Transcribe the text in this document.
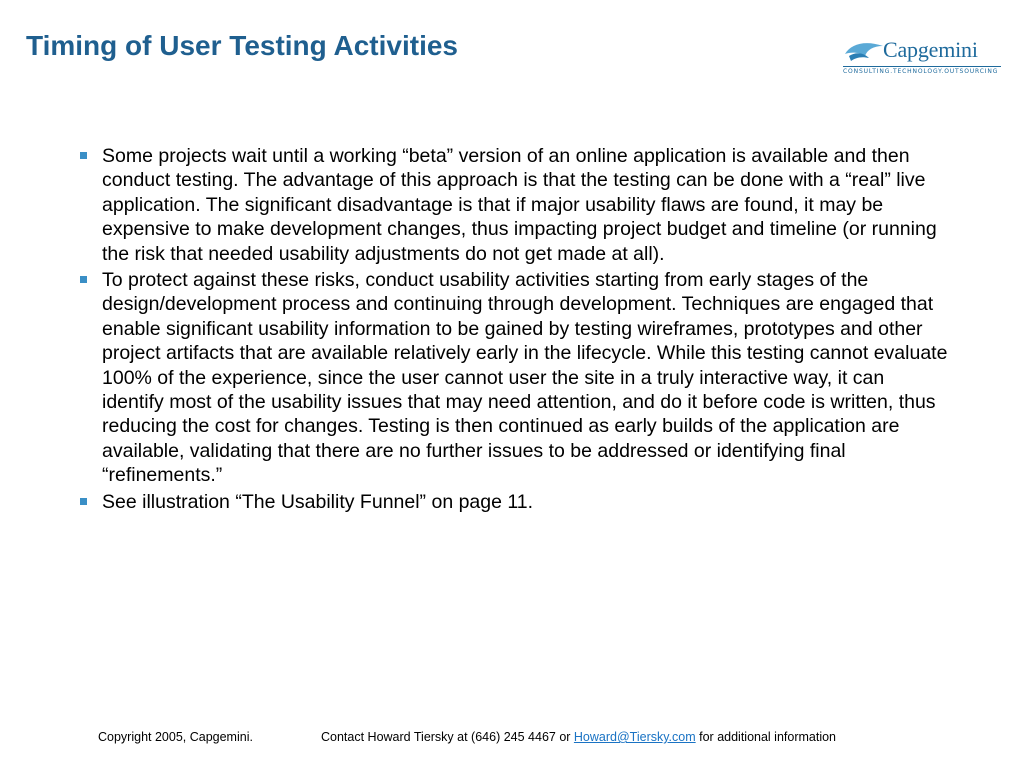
Timing of User Testing Activities	Capgemini
CONSULTING.TECHNOLOGY.OUTSOURCING
Some projects wait until a working “beta” version of an online application is available and then conduct testing. The advantage of this approach is that the testing can be done with a “real” live application. The significant disadvantage is that if major usability flaws are found, it may be expensive to make development changes, thus impacting project budget and timeline (or running the risk that needed usability adjustments do not get made at all).
To protect against these risks, conduct usability activities starting from early stages of the design/development process and continuing through development. Techniques are engaged that enable significant usability information to be gained by testing wireframes, prototypes and other project artifacts that are available relatively early in the lifecycle. While this testing cannot evaluate 100% of the experience, since the user cannot user the site in a truly interactive way, it can identify most of the usability issues that may need attention, and do it before code is written, thus reducing the cost for changes. Testing is then continued as early builds of the application are available, validating that there are no further issues to be addressed or identifying final “refinements.”
See illustration “The Usability Funnel” on page 11.
Copyright 2005, Capgemini.	Contact Howard Tiersky at (646) 245 4467 or Howard@Tiersky.com for additional information
